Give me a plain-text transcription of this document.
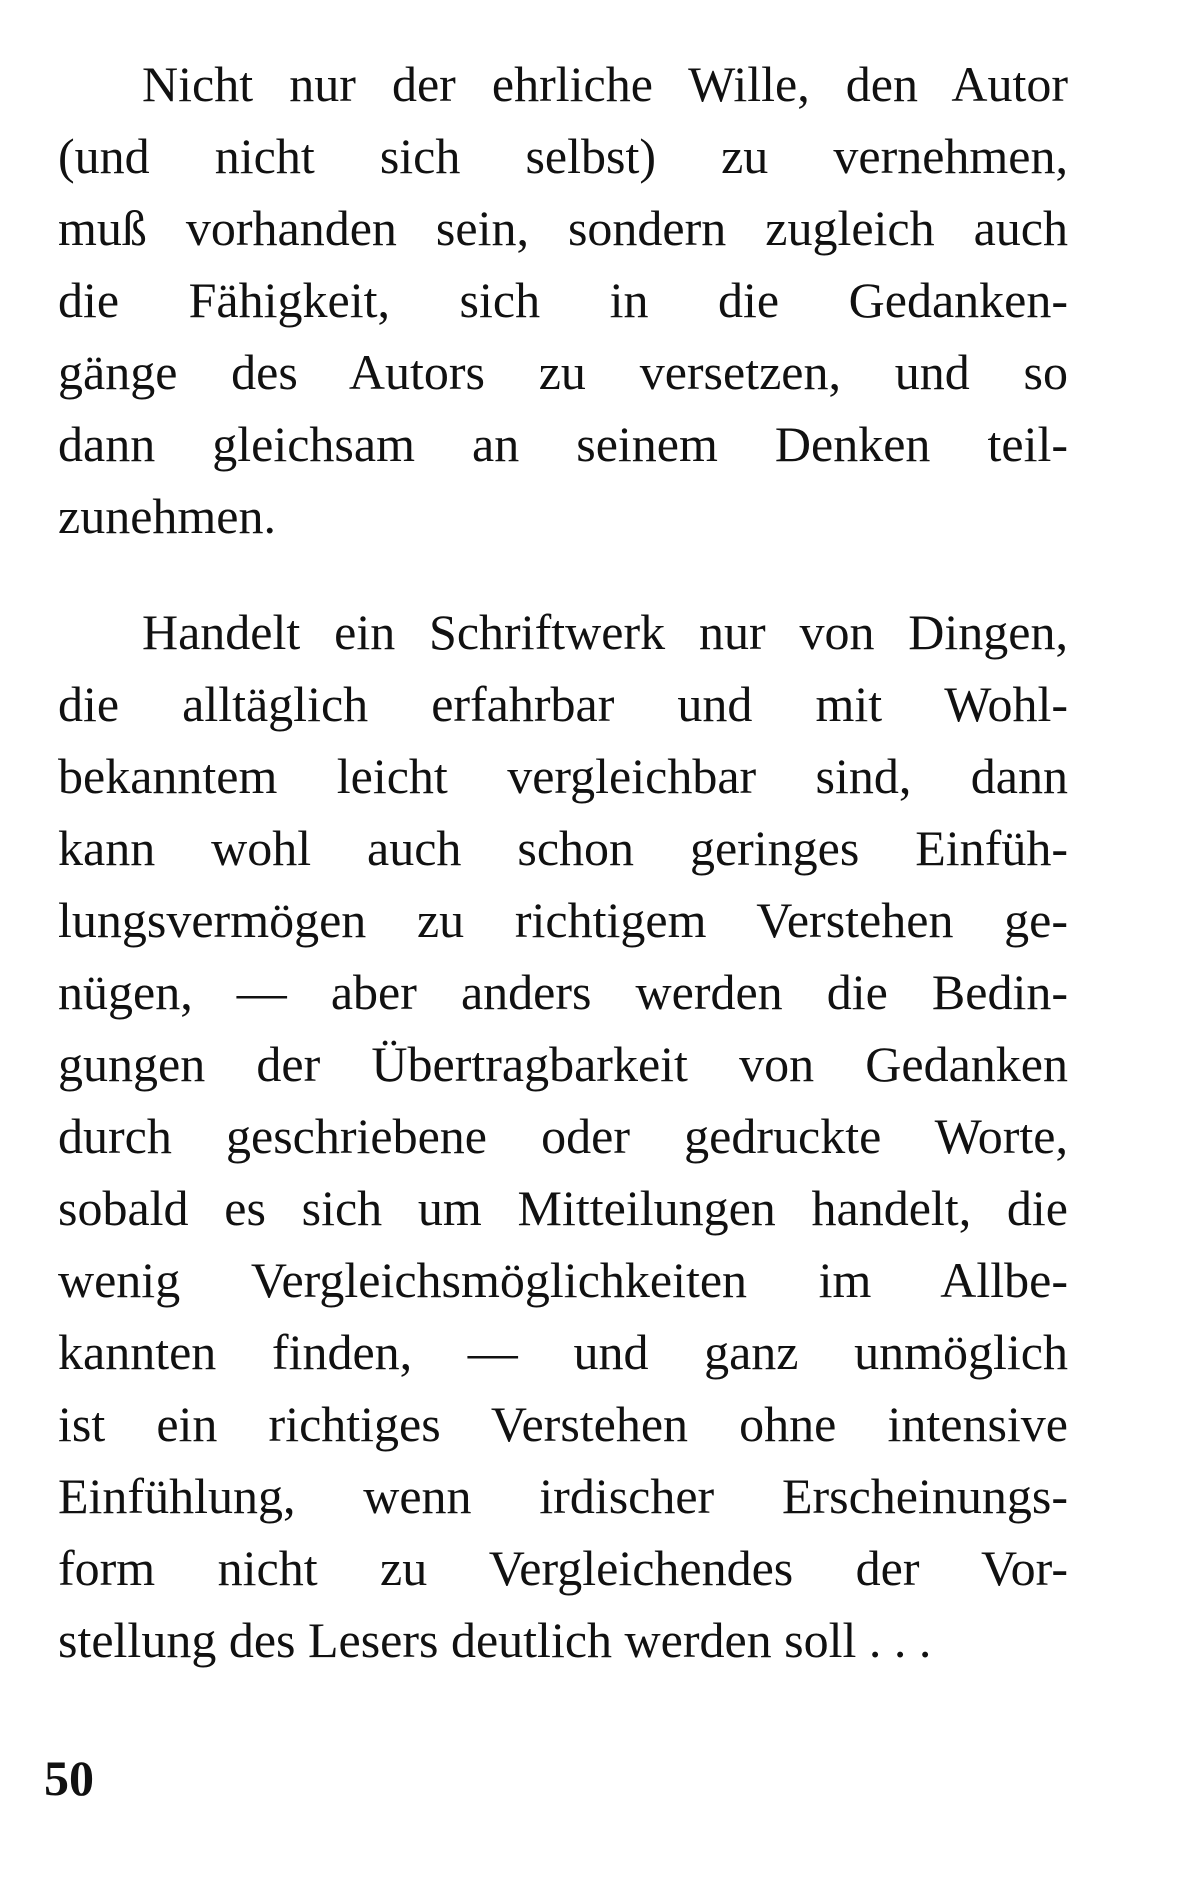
Nicht nur der ehrliche Wille, den Autor
(und nicht sich selbst) zu vernehmen,
muß vorhanden sein, sondern zugleich auch
die Fähigkeit, sich in die Gedanken-
gänge des Autors zu versetzen, und so
dann gleichsam an seinem Denken teil-
zunehmen.
Handelt ein Schriftwerk nur von Dingen,
die alltäglich erfahrbar und mit Wohl-
bekanntem leicht vergleichbar sind, dann
kann wohl auch schon geringes Einfüh-
lungsvermögen zu richtigem Verstehen ge-
nügen, — aber anders werden die Bedin-
gungen der Übertragbarkeit von Gedanken
durch geschriebene oder gedruckte Worte,
sobald es sich um Mitteilungen handelt, die
wenig Vergleichsmöglichkeiten im Allbe-
kannten finden, — und ganz unmöglich
ist ein richtiges Verstehen ohne intensive
Einfühlung, wenn irdischer Erscheinungs-
form nicht zu Vergleichendes der Vor-
stellung des Lesers deutlich werden soll . . .
50
